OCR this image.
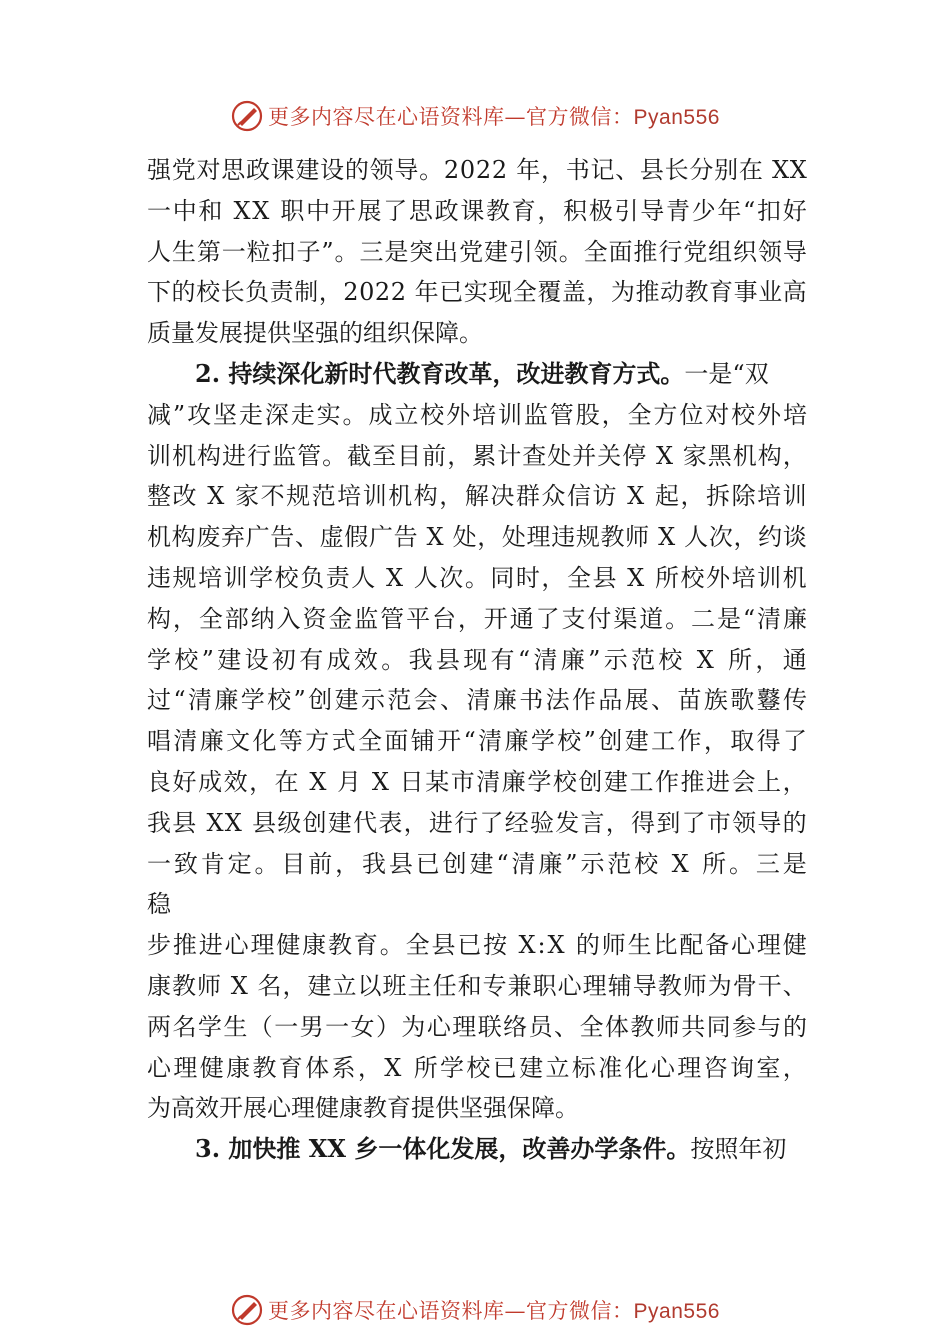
更多内容尽在心语资料库—官方微信：Pyan556
强 党 对 思 政 课 建 设 的 领 导 。 2 0 2 2
年 ， 书 记 、 县 长 分 别 在
X X
一 中 和
X X
职 中 开 展 了 思 政 课 教 育 ， 积 极 引 导 青 少 年 “ 扣 好
人 生 第 一 粒 扣 子 ” 。 三 是 突 出 党 建 引 领 。 全 面 推 行 党 组 织 领 导
下 的 校 长 负 责 制 ， 2 0 2 2
年 已 实 现 全 覆 盖 ， 为 推 动 教 育 事 业 高
质量发展提供坚强的组织保障。
2. 持续深化新时代教育改革，改进教育方式。 一是“双
减 ” 攻 坚 走 深 走 实 。 成 立 校 外 培 训 监 管 股 ， 全 方 位 对 校 外 培
训 机 构 进 行 监 管 。 截 至 目 前 ， 累 计 查 处 并 关 停
X
家 黑 机 构 ，
整 改
X
家 不 规 范 培 训 机 构 ， 解 决 群 众 信 访
X
起 ， 拆 除 培 训
机 构 废 弃 广 告 、 虚 假 广 告
X
处 ， 处 理 违 规 教 师
X
人 次 ， 约 谈
违 规 培 训 学 校 负 责 人
X
人 次 。 同 时 ， 全 县
X
所 校 外 培 训 机
构 ， 全 部 纳 入 资 金 监 管 平 台 ， 开 通 了 支 付 渠 道 。 二 是 “ 清 廉
学 校 ” 建 设 初 有 成 效 。 我 县 现 有 “ 清 廉 ” 示 范 校
X
所 ， 通
过 “ 清 廉 学 校 ” 创 建 示 范 会 、 清 廉 书 法 作 品 展 、 苗 族 歌 鼟 传
唱 清 廉 文 化 等 方 式 全 面 铺 开 “ 清 廉 学 校 ” 创 建 工 作 ， 取 得 了
良 好 成 效 ， 在
X
月
X
日 某 市 清 廉 学 校 创 建 工 作 推 进 会 上 ，
我 县
X X
县 级 创 建 代 表 ， 进 行 了 经 验 发 言 ， 得 到 了 市 领 导 的
一 致 肯 定 。 目 前 ， 我 县 已 创 建 “ 清 廉 ” 示 范 校
X
所 。 三 是
稳
步 推 进 心 理 健 康 教 育 。 全 县 已 按
X : X
的 师 生 比 配 备 心 理 健
康 教 师
X
名 ， 建 立 以 班 主 任 和 专 兼 职 心 理 辅 导 教 师 为 骨 干 、
两 名 学 生 （ 一 男 一 女 ） 为 心 理 联 络 员 、 全 体 教 师 共 同 参 与 的
心 理 健 康 教 育 体 系 ， X
所 学 校 已 建 立 标 准 化 心 理 咨 询 室 ，
为高效开展心理健康教育提供坚强保障。
3. 加快推 XX 乡一体化发展，改善办学条件。 按照年初
更多内容尽在心语资料库—官方微信：Pyan556
